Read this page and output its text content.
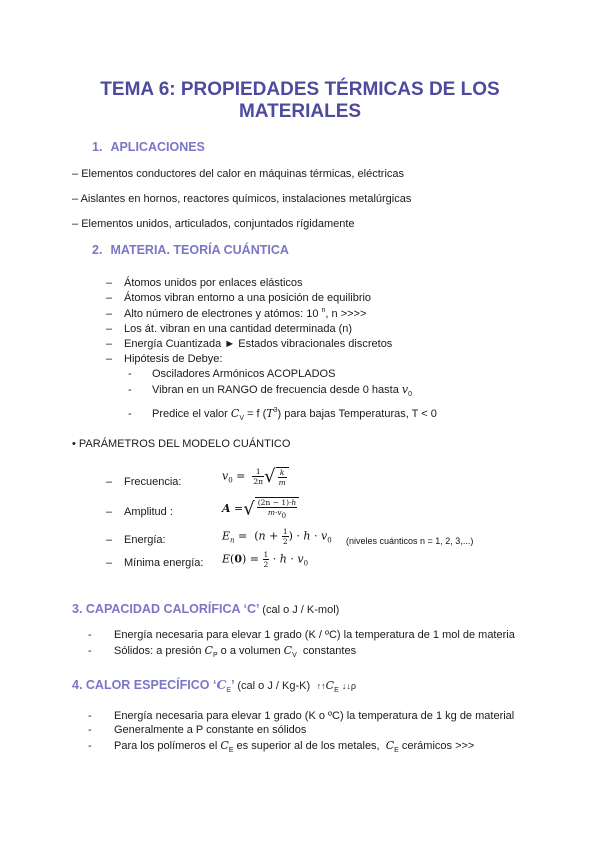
TEMA 6: PROPIEDADES TÉRMICAS DE LOS
MATERIALES
1. APLICACIONES
– Elementos conductores del calor en máquinas térmicas, eléctricas
– Aislantes en hornos, reactores químicos, instalaciones metalúrgicas
– Elementos unidos, articulados, conjuntados rígidamente
2. MATERIA. TEORÍA CUÁNTICA
– Átomos unidos por enlaces elásticos
– Átomos vibran entorno a una posición de equilibrio
– Alto número de electrones y atómos: 10 $^n$, n >>>>
– Los át. vibran en una cantidad determinada (n)
– Energía Cuantizada ► Estados vibracionales discretos
– Hipótesis de Debye:
- Osciladores Armónicos ACOPLADOS
- Vibran en un RANGO de frecuencia desde 0 hasta $v_0$
- Predice el valor $C_V = f$ $(T^3)$ para bajas Temperaturas, T < 0
• PARÁMETROS DEL MODELO CUÁNTICO
– Frecuencia:	$v_0 = \frac{1}{2\pi}$ √ $\frac{k}{m}$
– Amplitud :	A =√ $\frac{(2n - 1)\cdot h}{m\cdot v0}$
– Energía:	$E_n = (n + \frac{1}{2}$ ) · $h \cdot v_0$ (niveles cuánticos n = 1, 2, 3,...)
– Mínima energía: $E(0) = \frac{1}{2} \cdot h \cdot v_0$
3. CAPACIDAD CALORÍFICA ‘C’ (cal o J / K-mol)
- Energía necesaria para elevar 1 grado (K / ºC) la temperatura de 1 mol de materia
- Sólidos: a presión $C_P$ o a volumen $C_V$ constantes
4. CALOR ESPECÍFICO ‘$C_E$’ (cal o J / Kg-K) $↑↑C_E$ ↓↓ρ
- Energía necesaria para elevar 1 grado (K o ºC) la temperatura de 1 kg de material
- Generalmente a P constante en sólidos
- Para los polímeros el $C_E$ es superior al de los metales, $C_E$ cerámicos >>>
